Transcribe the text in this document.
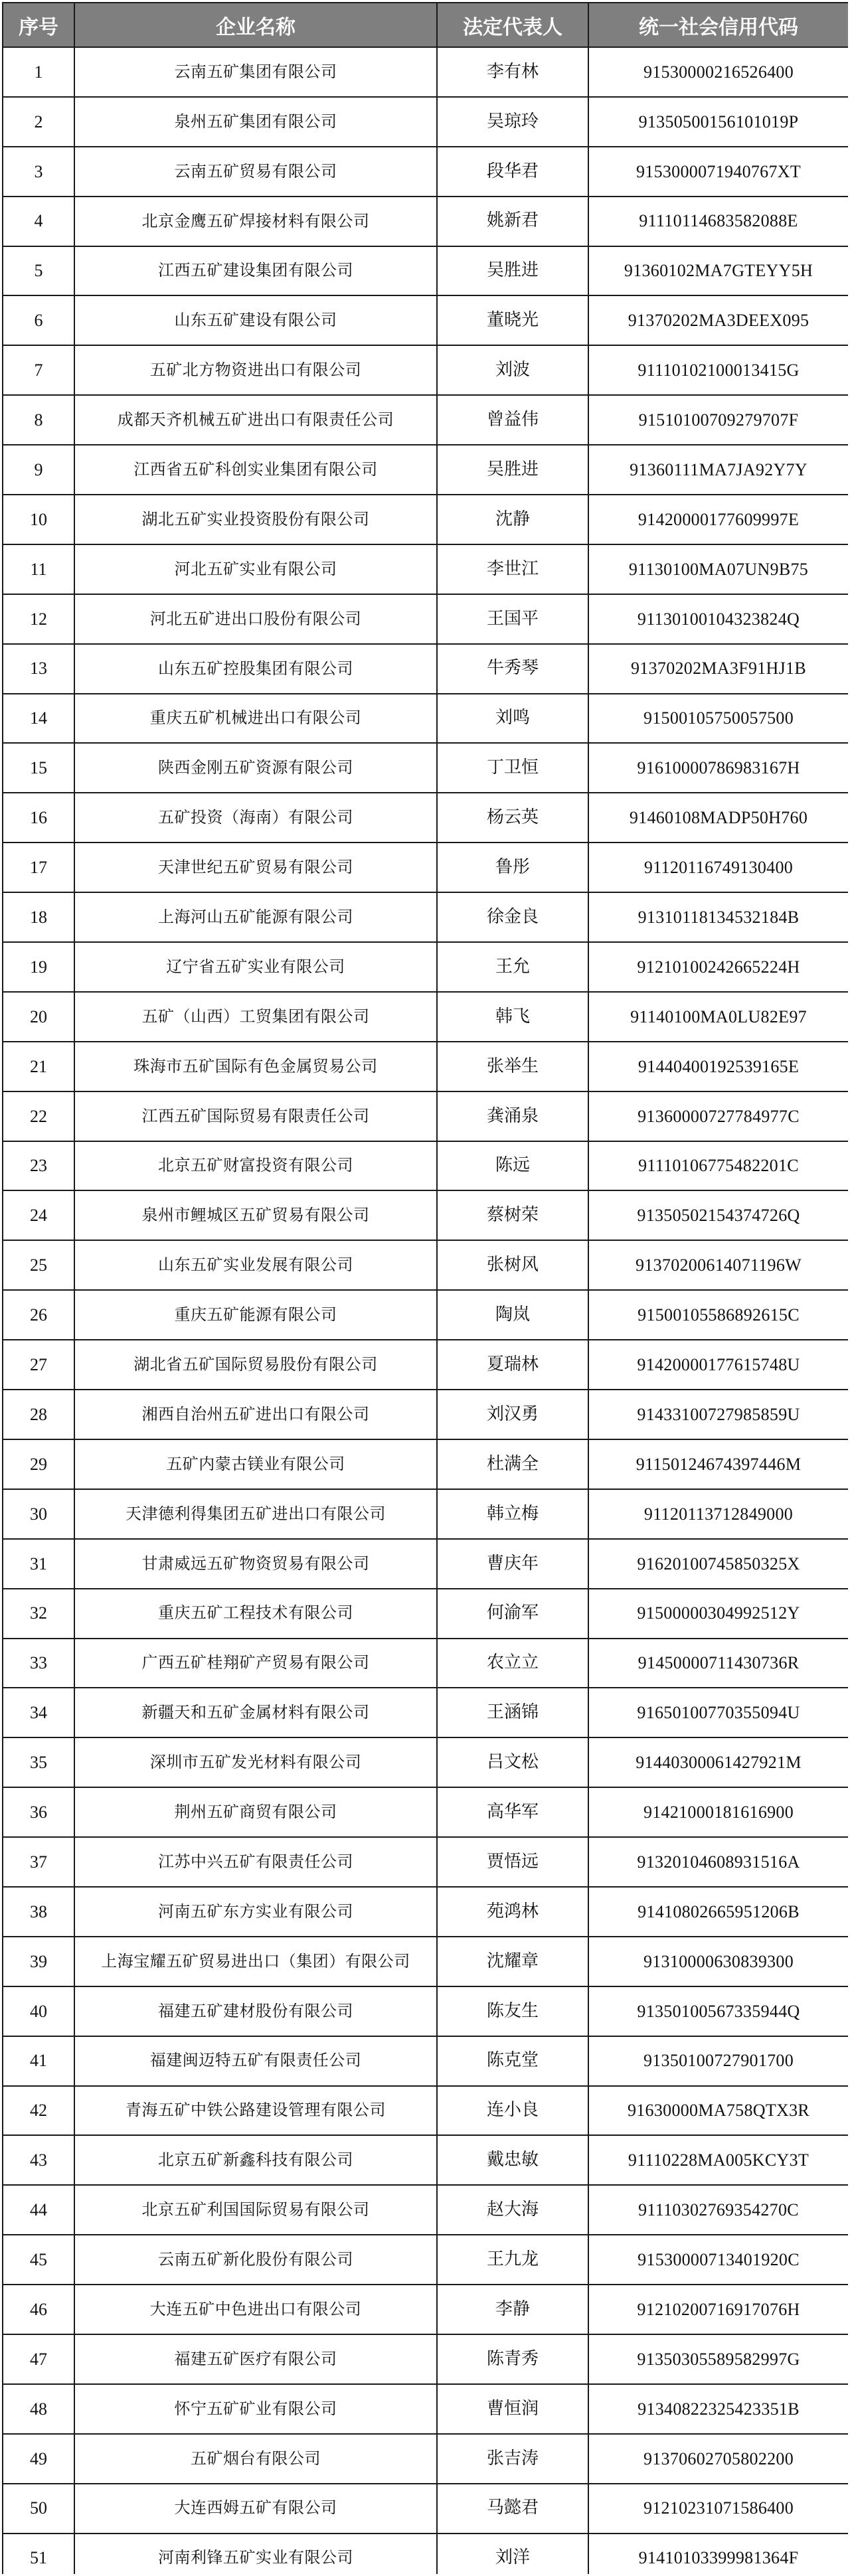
序号	企业名称	法定代表人	统一社会信用代码
1	云南五矿集团有限公司	李有林	91530000216526400
2	泉州五矿集团有限公司	吴琼玲	91350500156101019P
3	云南五矿贸易有限公司	段华君	915300007194076​7XT
4	北京金鹰五矿焊接材料有限公司	姚新君	91110114683582088E
5	江西五矿建设集团有限公司	吴胜进	91360102MA7GTEYY5H
6	山东五矿建设有限公司	董晓光	91370202MA3DEEX095
7	五矿北方物资进出口有限公司	刘波	91110102100013415G
8	成都天齐机械五矿进出口有限责任公司	曾益伟	91510100709279707F
9	江西省五矿科创实业集团有限公司	吴胜进	91360111MA7JA92Y7Y
10	湖北五矿实业投资股份有限公司	沈静	91420000177609997E
11	河北五矿实业有限公司	李世江	91130100MA07UN9B75
12	河北五矿进出口股份有限公司	王国平	91130100104323824Q
13	山东五矿控股集团有限公司	牛秀琴	91370202MA3F91HJ1B
14	重庆五矿机械进出口有限公司	刘鸣	91500105750057500
15	陕西金刚五矿资源有限公司	丁卫恒	91610000786983167H
16	五矿投资（海南）有限公司	杨云英	91460108MADP50H760
17	天津世纪五矿贸易有限公司	鲁彤	91120116749130400
18	上海河山五矿能源有限公司	徐金良	91310118134532184B
19	辽宁省五矿实业有限公司	王允	91210100242665224H
20	五矿（山西）工贸集团有限公司	韩飞	91140100MA0LU82E97
21	珠海市五矿国际有色金属贸易公司	张举生	91440400192539165E
22	江西五矿国际贸易有限责任公司	龚涌泉	91360000727784977C
23	北京五矿财富投资有限公司	陈远	91110106775482201C
24	泉州市鲤城区五矿贸易有限公司	蔡树荣	91350502154374726Q
25	山东五矿实业发展有限公司	张树风	91370200614071196W
26	重庆五矿能源有限公司	陶岚	91500105586892615C
27	湖北省五矿国际贸易股份有限公司	夏瑞林	91420000177615748U
28	湘西自治州五矿进出口有限公司	刘汉勇	91433100727985859U
29	五矿内蒙古镁业有限公司	杜满全	91150124674397446M
30	天津德利得集团五矿进出口有限公司	韩立梅	91120113712849000
31	甘肃威远五矿物资贸易有限公司	曹庆年	91620100745850325X
32	重庆五矿工程技术有限公司	何渝军	91500000304992512Y
33	广西五矿桂翔矿产贸易有限公司	农立立	91450000711430736R
34	新疆天和五矿金属材料有限公司	王涵锦	91650100770355094U
35	深圳市五矿发光材料有限公司	吕文松	91440300061427921M
36	荆州五矿商贸有限公司	高华军	91421000181616900
37	江苏中兴五矿有限责任公司	贾悟远	91320104608931516A
38	河南五矿东方实业有限公司	苑鸿林	91410802665951206B
39	上海宝耀五矿贸易进出口（集团）有限公司	沈耀章	91310000630839300
40	福建五矿建材股份有限公司	陈友生	91350100567335944Q
41	福建闽迈特五矿有限责任公司	陈克堂	91350100727901700
42	青海五矿中铁公路建设管理有限公司	连小良	91630000MA758QTX3R
43	北京五矿新鑫科技有限公司	戴忠敏	91110228MA005KCY3T
44	北京五矿利国国际贸易有限公司	赵大海	91110302769354270C
45	云南五矿新化股份有限公司	王九龙	91530000713401920C
46	大连五矿中色进出口有限公司	李静	91210200716917076H
47	福建五矿医疗有限公司	陈青秀	91350305589582997G
48	怀宁五矿矿业有限公司	曹恒润	91340822325423351B
49	五矿烟台有限公司	张吉涛	91370602705802200
50	大连西姆五矿有限公司	马懿君	91210231071586400
51	河南利锋五矿实业有限公司	刘洋	91410103399981364F
